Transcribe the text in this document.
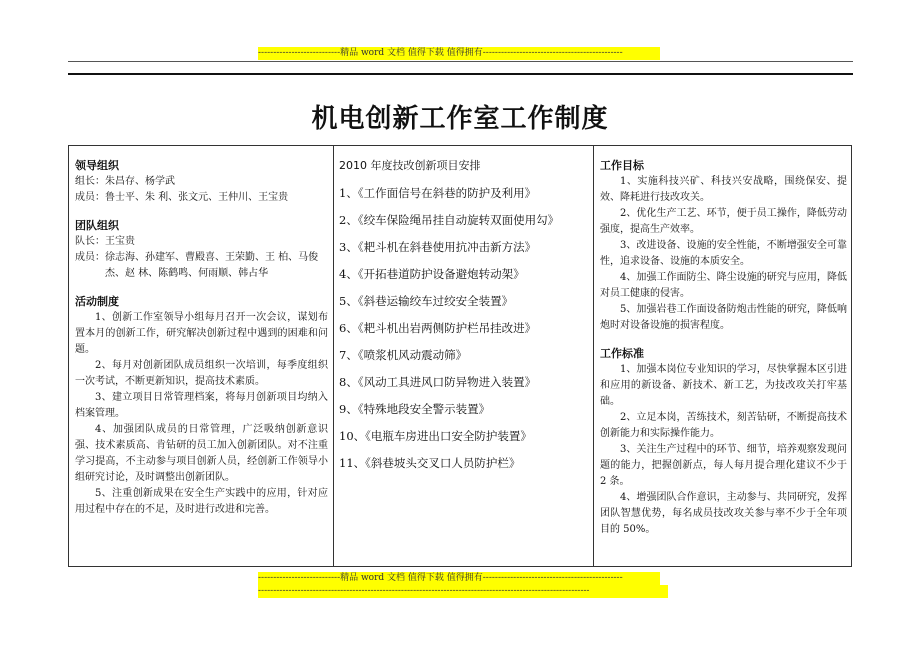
---------------------------精品 word 文档 值得下载 值得拥有----------------------------------------------
机电创新工作室工作制度
领导组织
组长： 朱昌存、杨学武
成员： 鲁士平、朱 利、张文元、王仲川、王宝贵
团队组织
队长： 王宝贵
成员： 徐志海、孙建军、曹殿喜、王荣勤、王 柏、马俊杰、赵 林、陈鹤鸣、何雨顺、韩占华
活动制度

1、创新工作室领导小组每月召开一次会议，谋划布置本月的创新工作，研究解决创新过程中遇到的困难和问题。

2、每月对创新团队成员组织一次培训，每季度组织一次考试，不断更新知识，提高技术素质。

3、建立项目日常管理档案，将每月创新项目均纳入档案管理。

4、加强团队成员的日常管理，广泛吸纳创新意识强、技术素质高、肯钻研的员工加入创新团队。对不注重学习提高，不主动参与项目创新人员，经创新工作领导小组研究讨论，及时调整出创新团队。

5、注重创新成果在安全生产实践中的应用，针对应用过程中存在的不足，及时进行改进和完善。

2010 年度技改创新项目安排
1、《工作面信号在斜巷的防护及利用》
2、《绞车保险绳吊挂自动旋转双面使用勾》
3、《耙斗机在斜巷使用抗冲击新方法》
4、《开拓巷道防护设备避炮转动架》
5、《斜巷运输绞车过绞安全装置》
6、《耙斗机出岩两侧防护栏吊挂改进》
7、《喷浆机风动震动筛》
8、《风动工具进风口防异物进入装置》
9、《特殊地段安全警示装置》
10、《电瓶车房进出口安全防护装置》
11、《斜巷坡头交叉口人员防护栏》
工作目标

1、实施科技兴矿、科技兴安战略，围绕保安、提效、降耗进行技改攻关。

2、优化生产工艺、环节，便于员工操作，降低劳动强度，提高生产效率。

3、改进设备、设施的安全性能，不断增强安全可靠性，追求设备、设施的本质安全。

4、加强工作面防尘、降尘设施的研究与应用，降低对员工健康的侵害。

5、加强岩巷工作面设备防炮击性能的研究，降低响炮时对设备设施的损害程度。

工作标准

1、加强本岗位专业知识的学习，尽快掌握本区引进和应用的新设备、新技术、新工艺，为技改攻关打牢基础。

2、立足本岗，苦练技术，刻苦钻研，不断提高技术创新能力和实际操作能力。

3、关注生产过程中的环节、细节，培养观察发现问题的能力，把握创新点，每人每月提合理化建议不少于 2 条。

4、增强团队合作意识，主动参与、共同研究，发挥团队智慧优势，每名成员技改攻关参与率不少于全年项目的 50%。

---------------------------精品 word 文档 值得下载 值得拥有----------------------------------------------
-------------------------------------------------------------------------------------------------------------
